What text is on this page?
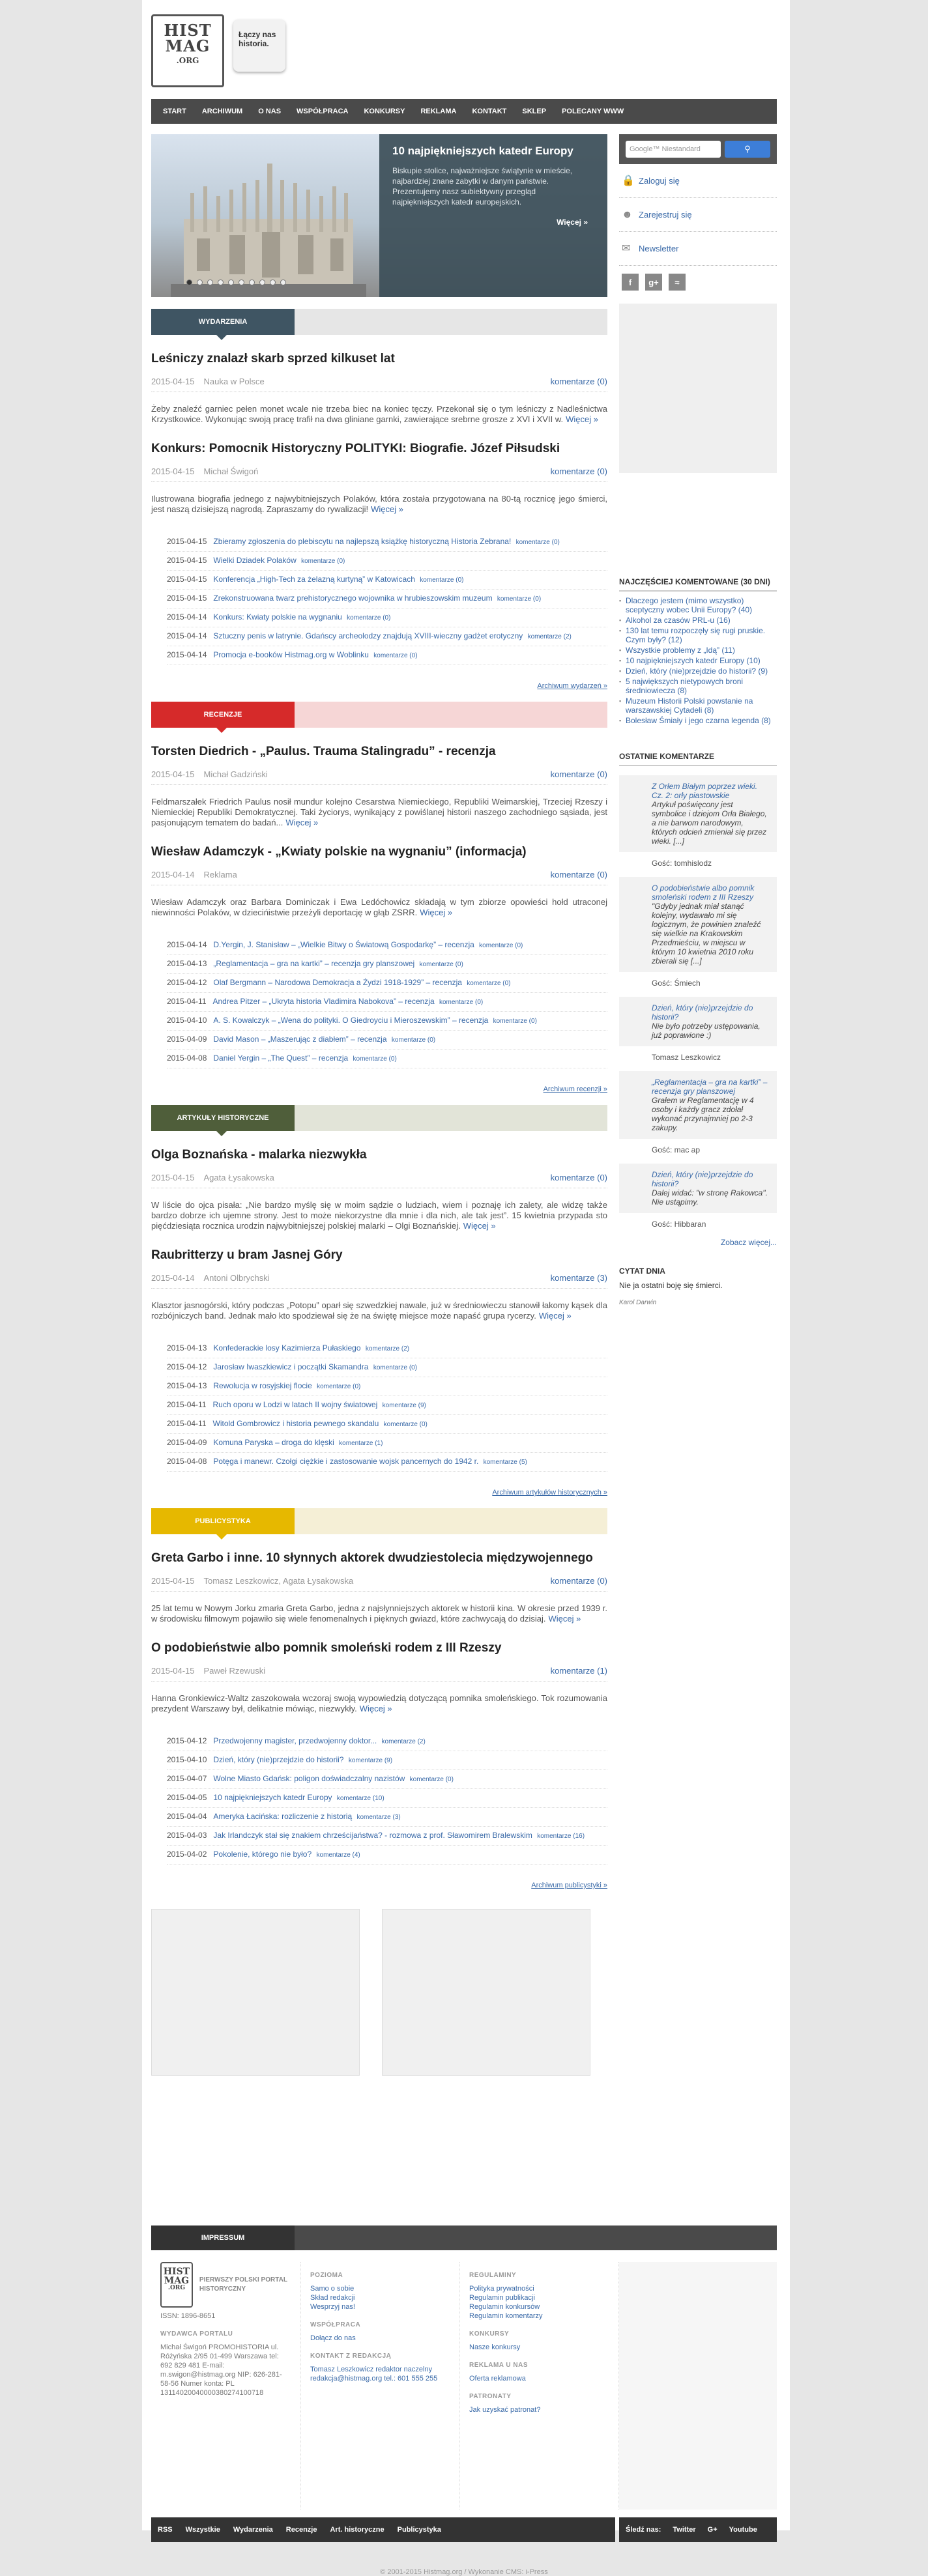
HIST
MAG
.ORG
Łączy nas historia.
START	ARCHIWUM	O NAS	WSPÓŁPRACA	KONKURSY	REKLAMA	KONTAKT	SKLEP	POLECANY WWW
10 najpiękniejszych katedr Europy

Biskupie stolice, najważniejsze świątynie w mieście, najbardziej znane zabytki w danym państwie. Prezentujemy nasz subiektywny przegląd najpiękniejszych katedr europejskich.

Więcej »
WYDARZENIA
Leśniczy znalazł skarb sprzed kilkuset lat
2015-04-15 Nauka w Polsce	komentarze (0)
Żeby znaleźć garniec pełen monet wcale nie trzeba biec na koniec tęczy. Przekonał się o tym leśniczy z Nadleśnictwa Krzystkowice. Wykonując swoją pracę trafił na dwa gliniane garnki, zawierające srebrne grosze z XVI i XVII w. Więcej »
Konkurs: Pomocnik Historyczny POLITYKI: Biografie. Józef Piłsudski
2015-04-15 Michał Świgoń	komentarze (0)
Ilustrowana biografia jednego z najwybitniejszych Polaków, która została przygotowana na 80-tą rocznicę jego śmierci, jest naszą dzisiejszą nagrodą. Zapraszamy do rywalizacji! Więcej »
2015-04-15 Zbieramy zgłoszenia do plebiscytu na najlepszą książkę historyczną Historia Zebrana! komentarze (0)
2015-04-15 Wielki Dziadek Polaków komentarze (0)
2015-04-15 Konferencja „High-Tech za żelazną kurtyną” w Katowicach komentarze (0)
2015-04-15 Zrekonstruowana twarz prehistorycznego wojownika w hrubieszowskim muzeum komentarze (0)
2015-04-14 Konkurs: Kwiaty polskie na wygnaniu komentarze (0)
2015-04-14 Sztuczny penis w latrynie. Gdańscy archeolodzy znajdują XVIII-wieczny gadżet erotyczny komentarze (2)
2015-04-14 Promocja e-booków Histmag.org w Woblinku komentarze (0)
Archiwum wydarzeń »
RECENZJE
Torsten Diedrich - „Paulus. Trauma Stalingradu” - recenzja
2015-04-15 Michał Gadziński	komentarze (0)
Feldmarszałek Friedrich Paulus nosił mundur kolejno Cesarstwa Niemieckiego, Republiki Weimarskiej, Trzeciej Rzeszy i Niemieckiej Republiki Demokratycznej. Taki życiorys, wynikający z powiślanej historii naszego zachodniego sąsiada, jest pasjonującym tematem do badań... Więcej »
Wiesław Adamczyk - „Kwiaty polskie na wygnaniu” (informacja)
2015-04-14 Reklama	komentarze (0)
Wiesław Adamczyk oraz Barbara Dominiczak i Ewa Ledóchowicz składają w tym zbiorze opowieści hołd utraconej niewinności Polaków, w dziecińistwie przeżyli deportację w głąb ZSRR. Więcej »
2015-04-14 D.Yergin, J. Stanisław – „Wielkie Bitwy o Światową Gospodarkę” – recenzja komentarze (0)
2015-04-13 „Reglamentacja – gra na kartki” – recenzja gry planszowej komentarze (0)
2015-04-12 Olaf Bergmann – Narodowa Demokracja a Żydzi 1918-1929” – recenzja komentarze (0)
2015-04-11 Andrea Pitzer – „Ukryta historia Vladimira Nabokova” – recenzja komentarze (0)
2015-04-10 A. S. Kowalczyk – „Wena do polityki. O Giedroyciu i Mieroszewskim” – recenzja komentarze (0)
2015-04-09 David Mason – „Maszerując z diabłem” – recenzja komentarze (0)
2015-04-08 Daniel Yergin – „The Quest” – recenzja komentarze (0)
Archiwum recenzji »
ARTYKUŁY HISTORYCZNE
Olga Boznańska - malarka niezwykła
2015-04-15 Agata Łysakowska	komentarze (0)
W liście do ojca pisała: „Nie bardzo myślę się w moim sądzie o ludziach, wiem i poznaję ich zalety, ale widzę także bardzo dobrze ich ujemne strony. Jest to może niekorzystne dla mnie i dla nich, ale tak jest”. 15 kwietnia przypada sto pięćdziesiąta rocznica urodzin najwybitniejszej polskiej malarki – Olgi Boznańskiej. Więcej »
Raubritterzy u bram Jasnej Góry
2015-04-14 Antoni Olbrychski	komentarze (3)
Klasztor jasnogórski, który podczas „Potopu” oparł się szwedzkiej nawale, już w średniowieczu stanowił łakomy kąsek dla rozbójniczych band. Jednak mało kto spodziewał się że na świętę miejsce może napaść grupa rycerzy. Więcej »
2015-04-13 Konfederackie losy Kazimierza Pułaskiego komentarze (2)
2015-04-12 Jarosław Iwaszkiewicz i początki Skamandra komentarze (0)
2015-04-13 Rewolucja w rosyjskiej flocie komentarze (0)
2015-04-11 Ruch oporu w Lodzi w latach II wojny światowej komentarze (9)
2015-04-11 Witold Gombrowicz i historia pewnego skandalu komentarze (0)
2015-04-09 Komuna Paryska – droga do klęski komentarze (1)
2015-04-08 Potęga i manewr. Czołgi ciężkie i zastosowanie wojsk pancernych do 1942 r. komentarze (5)
Archiwum artykułów historycznych »
PUBLICYSTYKA
Greta Garbo i inne. 10 słynnych aktorek dwudziestolecia międzywojennego
2015-04-15 Tomasz Leszkowicz, Agata Łysakowska	komentarze (0)
25 lat temu w Nowym Jorku zmarła Greta Garbo, jedna z najsłynniejszych aktorek w historii kina. W okresie przed 1939 r. w środowisku filmowym pojawiło się wiele fenomenalnych i pięknych gwiazd, które zachwycają do dzisiaj. Więcej »
O podobieństwie albo pomnik smoleński rodem z III Rzeszy
2015-04-15 Paweł Rzewuski	komentarze (1)
Hanna Gronkiewicz-Waltz zaszokowała wczoraj swoją wypowiedzią dotyczącą pomnika smoleńskiego. Tok rozumowania prezydent Warszawy był, delikatnie mówiąc, niezwykły. Więcej »
2015-04-12 Przedwojenny magister, przedwojenny doktor... komentarze (2)
2015-04-10 Dzień, który (nie)przejdzie do historii? komentarze (9)
2015-04-07 Wolne Miasto Gdańsk: poligon doświadczalny nazistów komentarze (0)
2015-04-05 10 najpiękniejszych katedr Europy komentarze (10)
2015-04-04 Ameryka Łacińska: rozliczenie z historią komentarze (3)
2015-04-03 Jak Irlandczyk stał się znakiem chrześcijaństwa? - rozmowa z prof. Sławomirem Bralewskim komentarze (16)
2015-04-02 Pokolenie, którego nie było? komentarze (4)
Archiwum publicystyki »
Google™ Niestandard	⚲
🔒 Zaloguj się
☻ Zarejestruj się
✉ Newsletter
f	g+	≈
NAJCZĘŚCIEJ KOMENTOWANE (30 DNI)
▪ Dlaczego jestem (mimo wszystko) sceptyczny wobec Unii Europy? (40)
▪ Alkohol za czasów PRL-u (16)
▪ 130 lat temu rozpoczęły się rugi pruskie. Czym były? (12)
▪ Wszystkie problemy z „Idą” (11)
▪ 10 najpiękniejszych katedr Europy (10)
▪ Dzień, który (nie)przejdzie do historii? (9)
▪ 5 największych nietypowych broni średniowiecza (8)
▪ Muzeum Historii Polski powstanie na warszawskiej Cytadeli (8)
▪ Bolesław Śmiały i jego czarna legenda (8)
OSTATNIE KOMENTARZE
Z Orłem Białym poprzez wieki. Cz. 2: orły piastowskie
Artykuł poświęcony jest symbolice i dziejom Orła Białego, a nie barwom narodowym, których odcień zmieniał się przez wieki. [...]
Gość: tomhislodz
O podobieństwie albo pomnik smoleński rodem z III Rzeszy
"Gdyby jednak miał stanąć kolejny, wydawało mi się logicznym, że powinien znaleźć się wielkie na Krakowskim Przedmieściu, w miejscu w którym 10 kwietnia 2010 roku zbierali się [...]
Gość: Śmiech
Dzień, który (nie)przejdzie do historii?
Nie było potrzeby ustępowania, już poprawione :)
Tomasz Leszkowicz
„Reglamentacja – gra na kartki” – recenzja gry planszowej
Grałem w Reglamentację w 4 osoby i każdy gracz zdołał wykonać przynajmniej po 2-3 zakupy.
Gość: mac ap
Dzień, który (nie)przejdzie do historii?
Dalej widać: "w stronę Rakowca". Nie ustąpimy.
Gość: Hibbaran
Zobacz więcej...
CYTAT DNIA
Nie ja ostatni boję się śmierci.
Karol Darwin
IMPRESSUM
HIST
MAG
.ORG
PIERWSZY POLSKI PORTAL HISTORYCZNY
ISSN: 1896-8651
WYDAWCA PORTALU
Michał Świgoń PROMOHISTORIA ul. Różyńska 2/95 01-499 Warszawa tel: 692 829 481 E-mail: m.swigon@histmag.org NIP: 626-281-58-56 Numer konta: PL 13114020040000380274100718
POZIOMA
Samo o sobie
Skład redakcji
Wesprzyj nas!
WSPÓŁPRACA
Dołącz do nas
KONTAKT Z REDAKCJĄ
Tomasz Leszkowicz redaktor naczelny redakcja@histmag.org tel.: 601 555 255
REGULAMINY
Polityka prywatności
Regulamin publikacji
Regulamin konkursów
Regulamin komentarzy
KONKURSY
Nasze konkursy
REKLAMA U NAS
Oferta reklamowa
PATRONATY
Jak uzyskać patronat?
RSS Wszystkie Wydarzenia Recenzje Art. historyczne Publicystyka	Śledź nas: Twitter G+ Youtube
© 2001-2015 Histmag.org / Wykonanie CMS: i-Press
